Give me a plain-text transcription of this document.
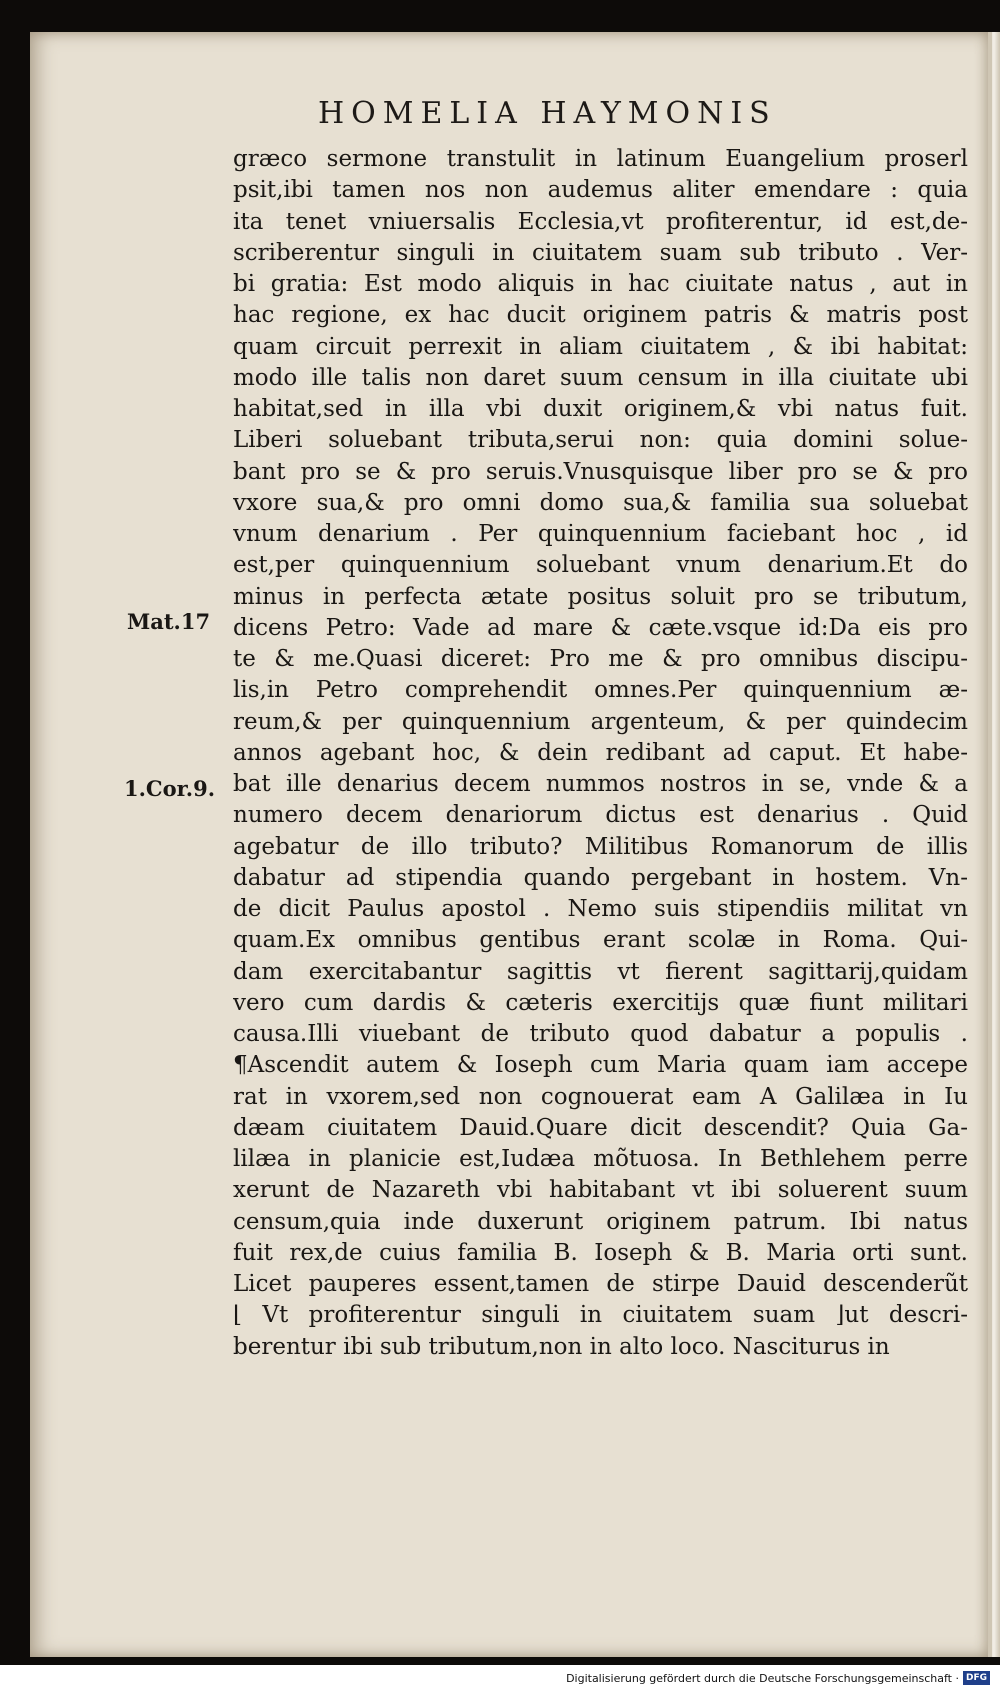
HOMELIA HAYMONIS
Mat.17
1.Cor.9.
græco sermone transtulit in latinum Euangelium proserl
psit,ibi tamen nos non audemus aliter emendare : quia
ita tenet vniuersalis Ecclesia,vt profiterentur, id est,de-
scriberentur singuli in ciuitatem suam sub tributo . Ver-
bi gratia: Est modo aliquis in hac ciuitate natus , aut in
hac regione, ex hac ducit originem patris & matris post
quam circuit perrexit in aliam ciuitatem , & ibi habitat:
modo ille talis non daret suum censum in illa ciuitate ubi
habitat,sed in illa vbi duxit originem,& vbi natus fuit.
Liberi soluebant tributa,serui non: quia domini solue-
bant pro se & pro seruis.Vnusquisque liber pro se & pro
vxore sua,& pro omni domo sua,& familia sua soluebat
vnum denarium . Per quinquennium faciebant hoc , id
est,per quinquennium soluebant vnum denarium.Et do
minus in perfecta ætate positus soluit pro se tributum,
dicens Petro: Vade ad mare & cæte.vsque id:Da eis pro
te & me.Quasi diceret: Pro me & pro omnibus discipu-
lis,in Petro comprehendit omnes.Per quinquennium æ-
reum,& per quinquennium argenteum, & per quindecim
annos agebant hoc, & dein redibant ad caput. Et habe-
bat ille denarius decem nummos nostros in se, vnde & a
numero decem denariorum dictus est denarius . Quid
agebatur de illo tributo? Militibus Romanorum de illis
dabatur ad stipendia quando pergebant in hostem. Vn-
de dicit Paulus apostol . Nemo suis stipendiis militat vn
quam.Ex omnibus gentibus erant scolæ in Roma. Qui-
dam exercitabantur sagittis vt fierent sagittarij,quidam
vero cum dardis & cæteris exercitijs quæ fiunt militari
causa.Illi viuebant de tributo quod dabatur a populis .
¶Ascendit autem & Ioseph cum Maria quam iam accepe
rat in vxorem,sed non cognouerat eam A Galilæa in Iu
dæam ciuitatem Dauid.Quare dicit descendit? Quia Ga-
lilæa in planicie est,Iudæa mõtuosa. In Bethlehem perre
xerunt de Nazareth vbi habitabant vt ibi soluerent suum
censum,quia inde duxerunt originem patrum. Ibi natus
fuit rex,de cuius familia B. Ioseph & B. Maria orti sunt.
Licet pauperes essent,tamen de stirpe Dauid descenderũt
⌊ Vt profiterentur singuli in ciuitatem suam ⌋ut descri-
berentur ibi sub tributum,non in alto loco. Nasciturus in
Digitalisierung gefördert durch die Deutsche Forschungsgemeinschaft · DFG
